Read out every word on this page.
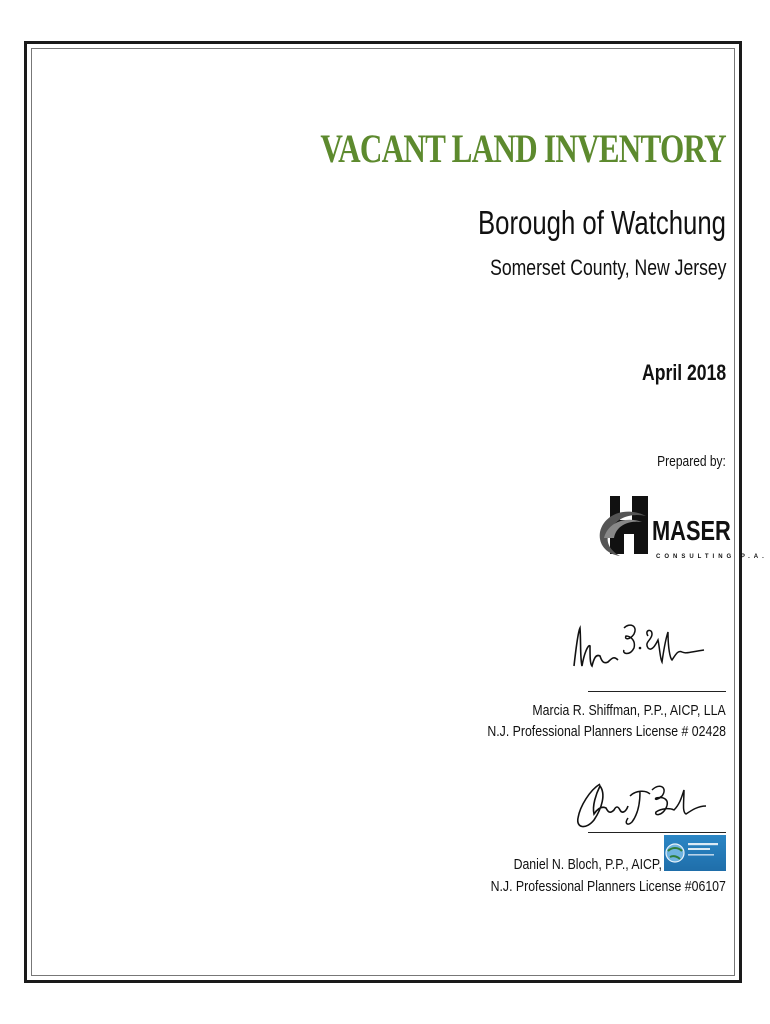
VACANT LAND INVENTORY
Borough of Watchung
Somerset County, New Jersey
April 2018
Prepared by:
MASER
CONSULTING P.A.
Marcia R. Shiffman, P.P., AICP, LLA
N.J. Professional Planners License # 02428
Daniel N. Bloch, P.P., AICP,
N.J. Professional Planners License #06107
